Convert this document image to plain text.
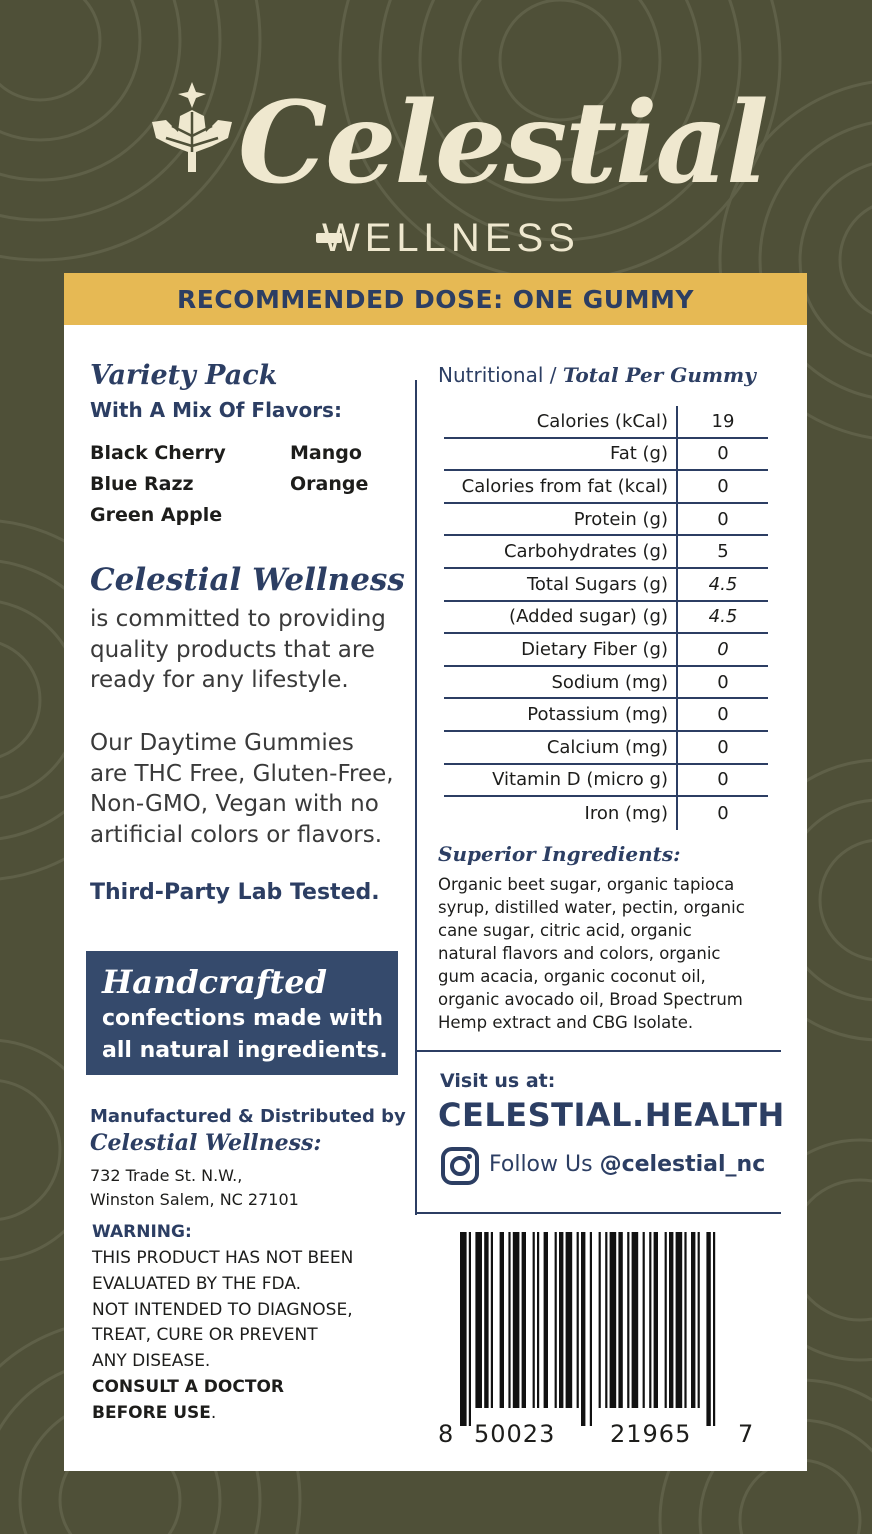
Celestial
WELLNESS
RECOMMENDED DOSE: ONE GUMMY
Variety Pack
With A Mix Of Flavors:
Black Cherry
Blue Razz
Green Apple
Mango
Orange
Celestial Wellness
is committed to providing
quality products that are
ready for any lifestyle.
Our Daytime Gummies
are THC Free, Gluten-Free,
Non-GMO, Vegan with no
artificial colors or flavors.
Third-Party Lab Tested.
Handcrafted
confections made with
all natural ingredients.
Manufactured & Distributed by
Celestial Wellness:
732 Trade St. N.W.,
Winston Salem, NC 27101
WARNING:
THIS PRODUCT HAS NOT BEEN
EVALUATED BY THE FDA.
NOT INTENDED TO DIAGNOSE,
TREAT, CURE OR PREVENT
ANY DISEASE.
CONSULT A DOCTOR
BEFORE USE.
Nutritional / Total Per Gummy
Calories (kCal)	19
Fat (g)	0
Calories from fat (kcal)	0
Protein (g)	0
Carbohydrates (g)	5
Total Sugars (g)	4.5
(Added sugar) (g)	4.5
Dietary Fiber (g)	0
Sodium (mg)	0
Potassium (mg)	0
Calcium (mg)	0
Vitamin D (micro g)	0
Iron (mg)	0
Superior Ingredients:
Organic beet sugar, organic tapioca
syrup, distilled water, pectin, organic
cane sugar, citric acid, organic
natural flavors and colors, organic
gum acacia, organic coconut oil,
organic avocado oil, Broad Spectrum
Hemp extract and CBG Isolate.
Visit us at:
CELESTIAL.HEALTH
Follow Us @celestial_nc
8 50023 21965 7
